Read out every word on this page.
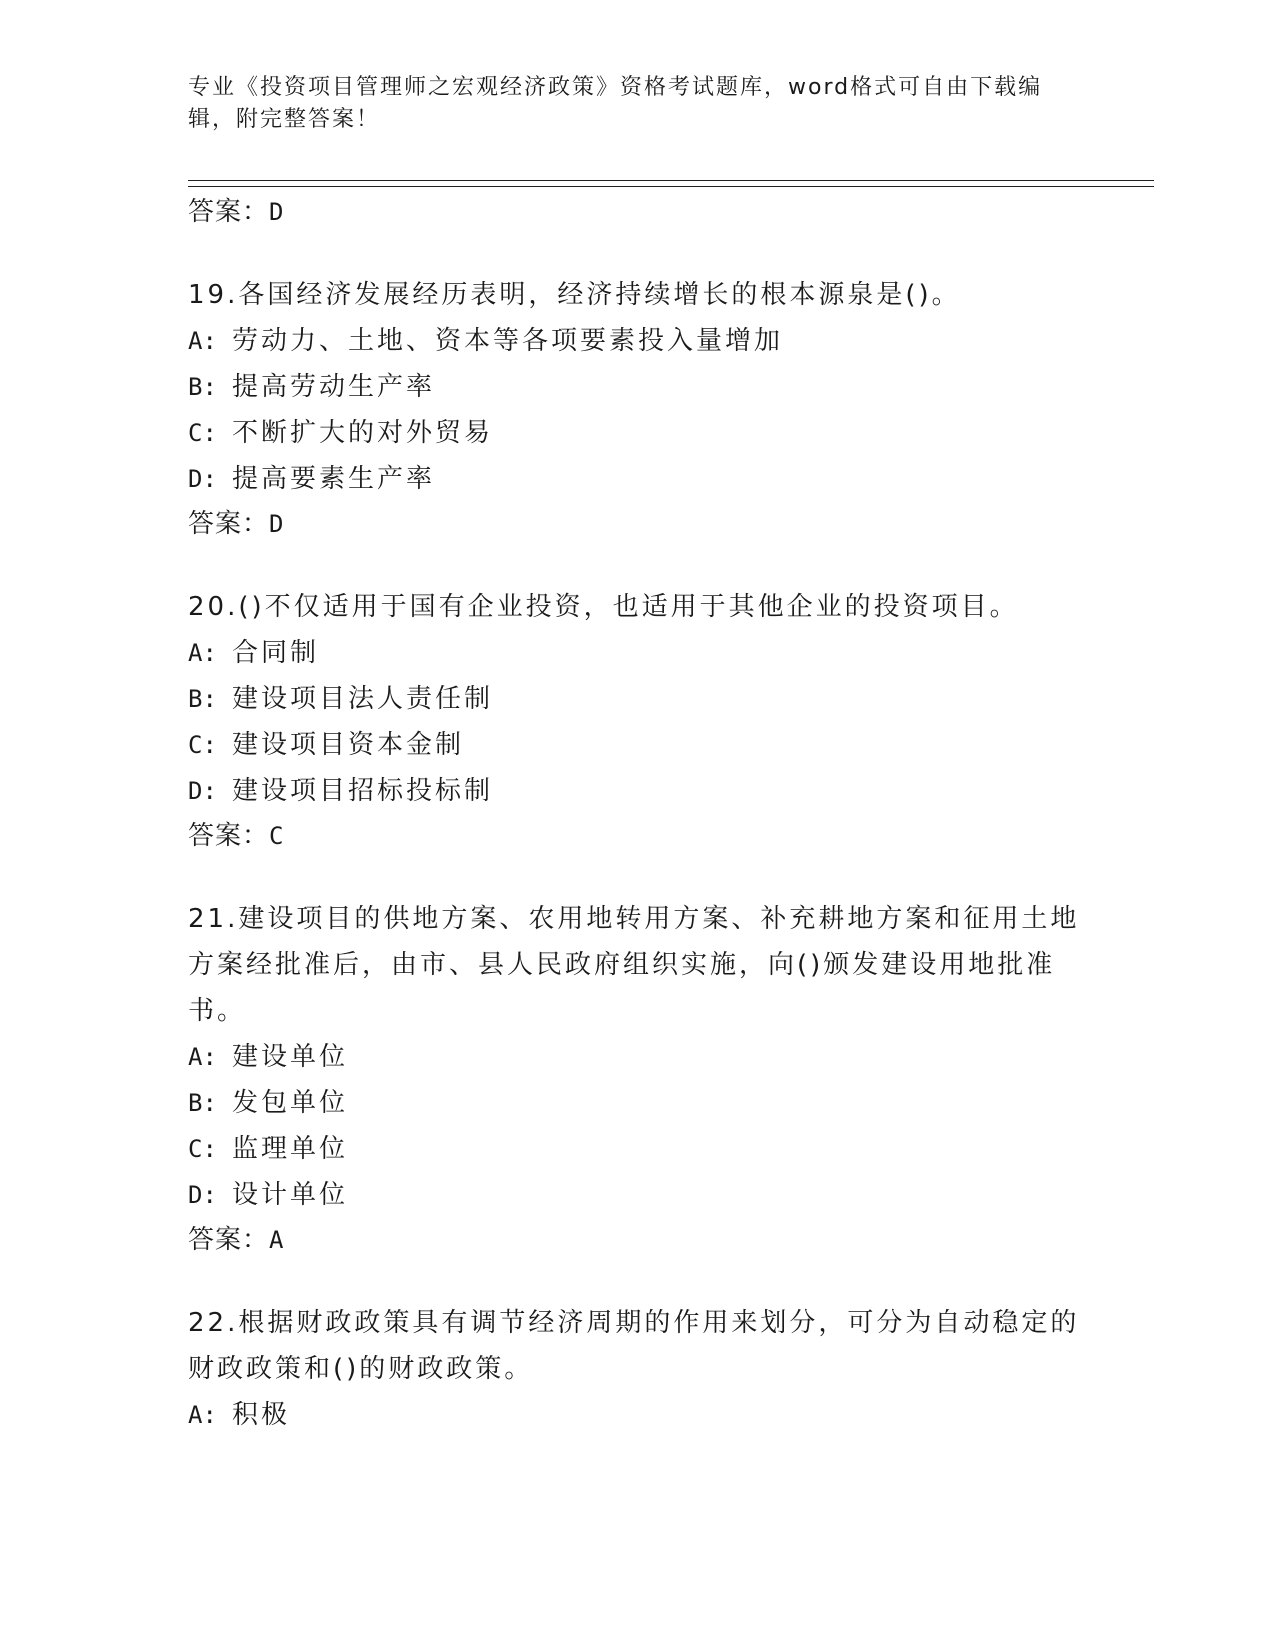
专业《投资项目管理师之宏观经济政策》资格考试题库，word格式可自由下载编
辑，附完整答案！
答案：D
19.各国经济发展经历表明，经济持续增长的根本源泉是()。
A: 劳动力、土地、资本等各项要素投入量增加
B: 提高劳动生产率
C: 不断扩大的对外贸易
D: 提高要素生产率
答案：D
20.()不仅适用于国有企业投资，也适用于其他企业的投资项目。
A: 合同制
B: 建设项目法人责任制
C: 建设项目资本金制
D: 建设项目招标投标制
答案：C
21.建设项目的供地方案、农用地转用方案、补充耕地方案和征用土地
方案经批准后，由市、县人民政府组织实施，向()颁发建设用地批准
书。
A: 建设单位
B: 发包单位
C: 监理单位
D: 设计单位
答案：A
22.根据财政政策具有调节经济周期的作用来划分，可分为自动稳定的
财政政策和()的财政政策。
A: 积极
